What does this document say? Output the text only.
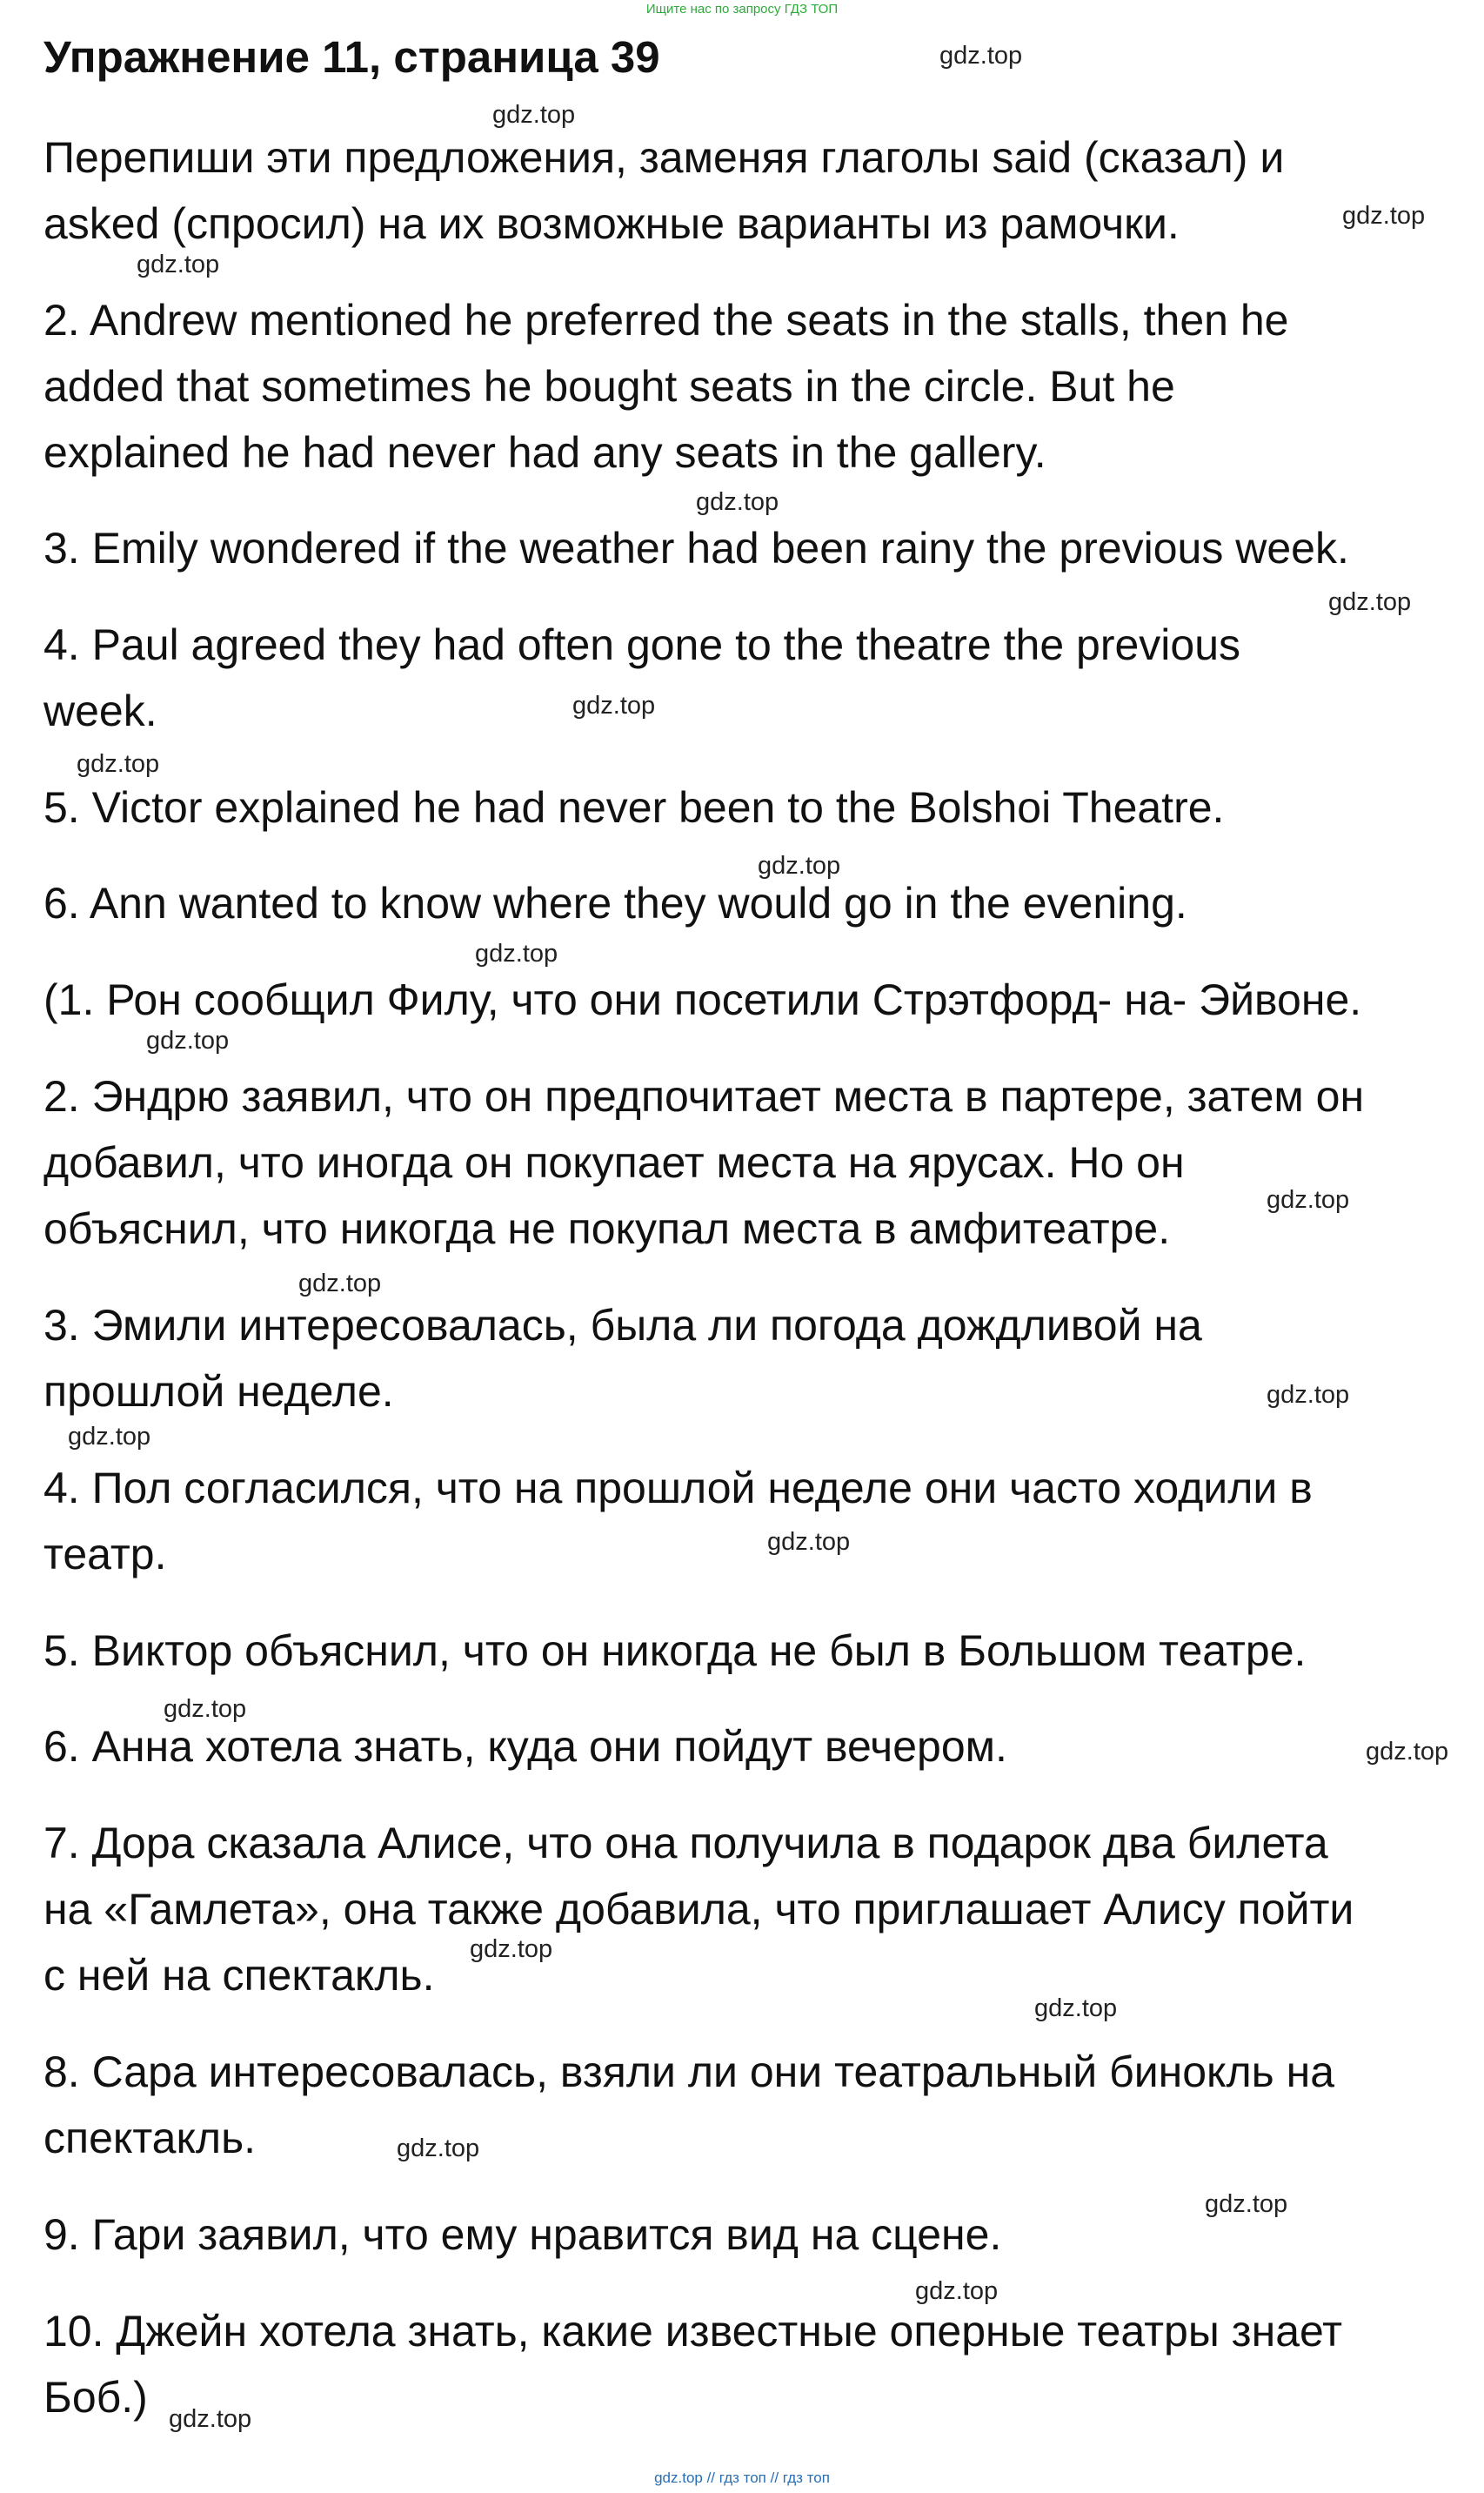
Ищите нас по запросу ГДЗ ТОП
Упражнение 11, страница 39

Перепиши эти предложения, заменяя глаголы said (сказал) и

asked (спросил) на их возможные варианты из рамочки.

2. Andrew mentioned he preferred the seats in the stalls, then he

added that sometimes he bought seats in the circle. But he

explained he had never had any seats in the gallery.

3. Emily wondered if the weather had been rainy the previous week.

4. Paul agreed they had often gone to the theatre the previous

week.

5. Victor explained he had never been to the Bolshoi Theatre.

6. Ann wanted to know where they would go in the evening.

(1. Рон сообщил Филу, что они посетили Стрэтфорд- на- Эйвоне.

2. Эндрю заявил, что он предпочитает места в партере, затем он

добавил, что иногда он покупает места на ярусах. Но он

объяснил, что никогда не покупал места в амфитеатре.

3. Эмили интересовалась, была ли погода дождливой на

прошлой неделе.

4. Пол согласился, что на прошлой неделе они часто ходили в

театр.

5. Виктор объяснил, что он никогда не был в Большом театре.

6. Анна хотела знать, куда они пойдут вечером.

7. Дора сказала Алисе, что она получила в подарок два билета

на «Гамлета», она также добавила, что приглашает Алису пойти

с ней на спектакль.

8. Сара интересовалась, взяли ли они театральный бинокль на

спектакль.

9. Гари заявил, что ему нравится вид на сцене.

10. Джейн хотела знать, какие известные оперные театры знает

Боб.)

gdz.top
gdz.top
gdz.top
gdz.top
gdz.top
gdz.top
gdz.top
gdz.top
gdz.top
gdz.top
gdz.top
gdz.top
gdz.top
gdz.top
gdz.top
gdz.top
gdz.top
gdz.top
gdz.top
gdz.top
gdz.top
gdz.top
gdz.top
gdz.top
gdz.top // гдз топ // гдз топ
